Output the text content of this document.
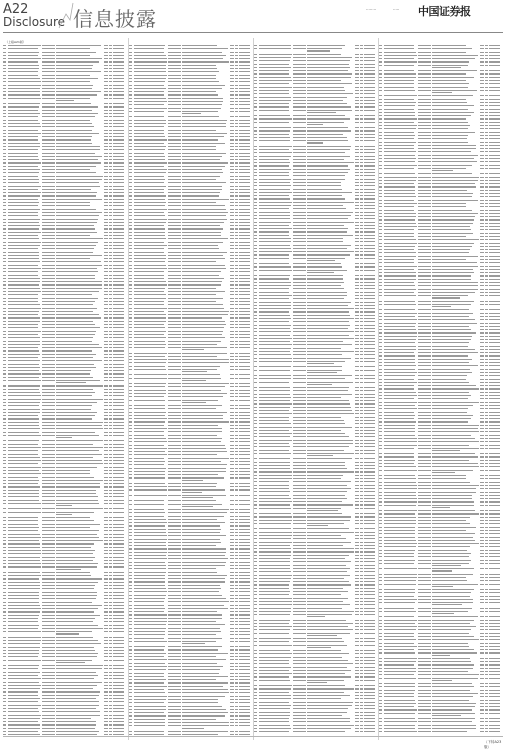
A22
Disclosure 信息披露	········	····· 中国证券报
（上接A21版）
（下转A23版）
